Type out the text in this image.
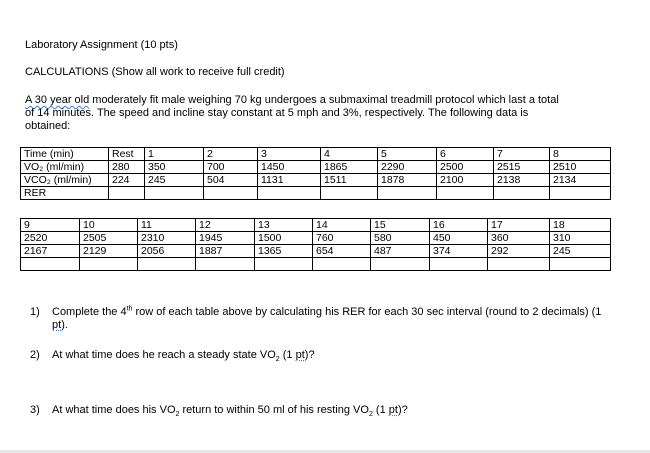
Laboratory Assignment (10 pts)

CALCULATIONS (Show all work to receive full credit)

A 30 year old moderately fit male weighing 70 kg undergoes a submaximal treadmill protocol which last a total

of 14 minutes. The speed and incline stay constant at 5 mph and 3%, respectively. The following data is

obtained:

Time (min)	Rest	1	2	3	4	5	6	7	8
VO₂ (ml/min)	280	350	700	1450	1865	2290	2500	2515	2510
VCO₂ (ml/min)	224	245	504	1131	1511	1878	2100	2138	2134
RER									
9	10	11	12	13	14	15	16	17	18
2520	2505	2310	1945	1500	760	580	450	360	310
2167	2129	2056	1887	1365	654	487	374	292	245

1) Complete the 4th row of each table above by calculating his RER for each 30 sec interval (round to 2 decimals) (1 pt).
2) At what time does he reach a steady state $VO_2$ (1 pt)?
3) At what time does his $VO_2$ return to within 50 ml of his resting $VO_2$ (1 pt)?
